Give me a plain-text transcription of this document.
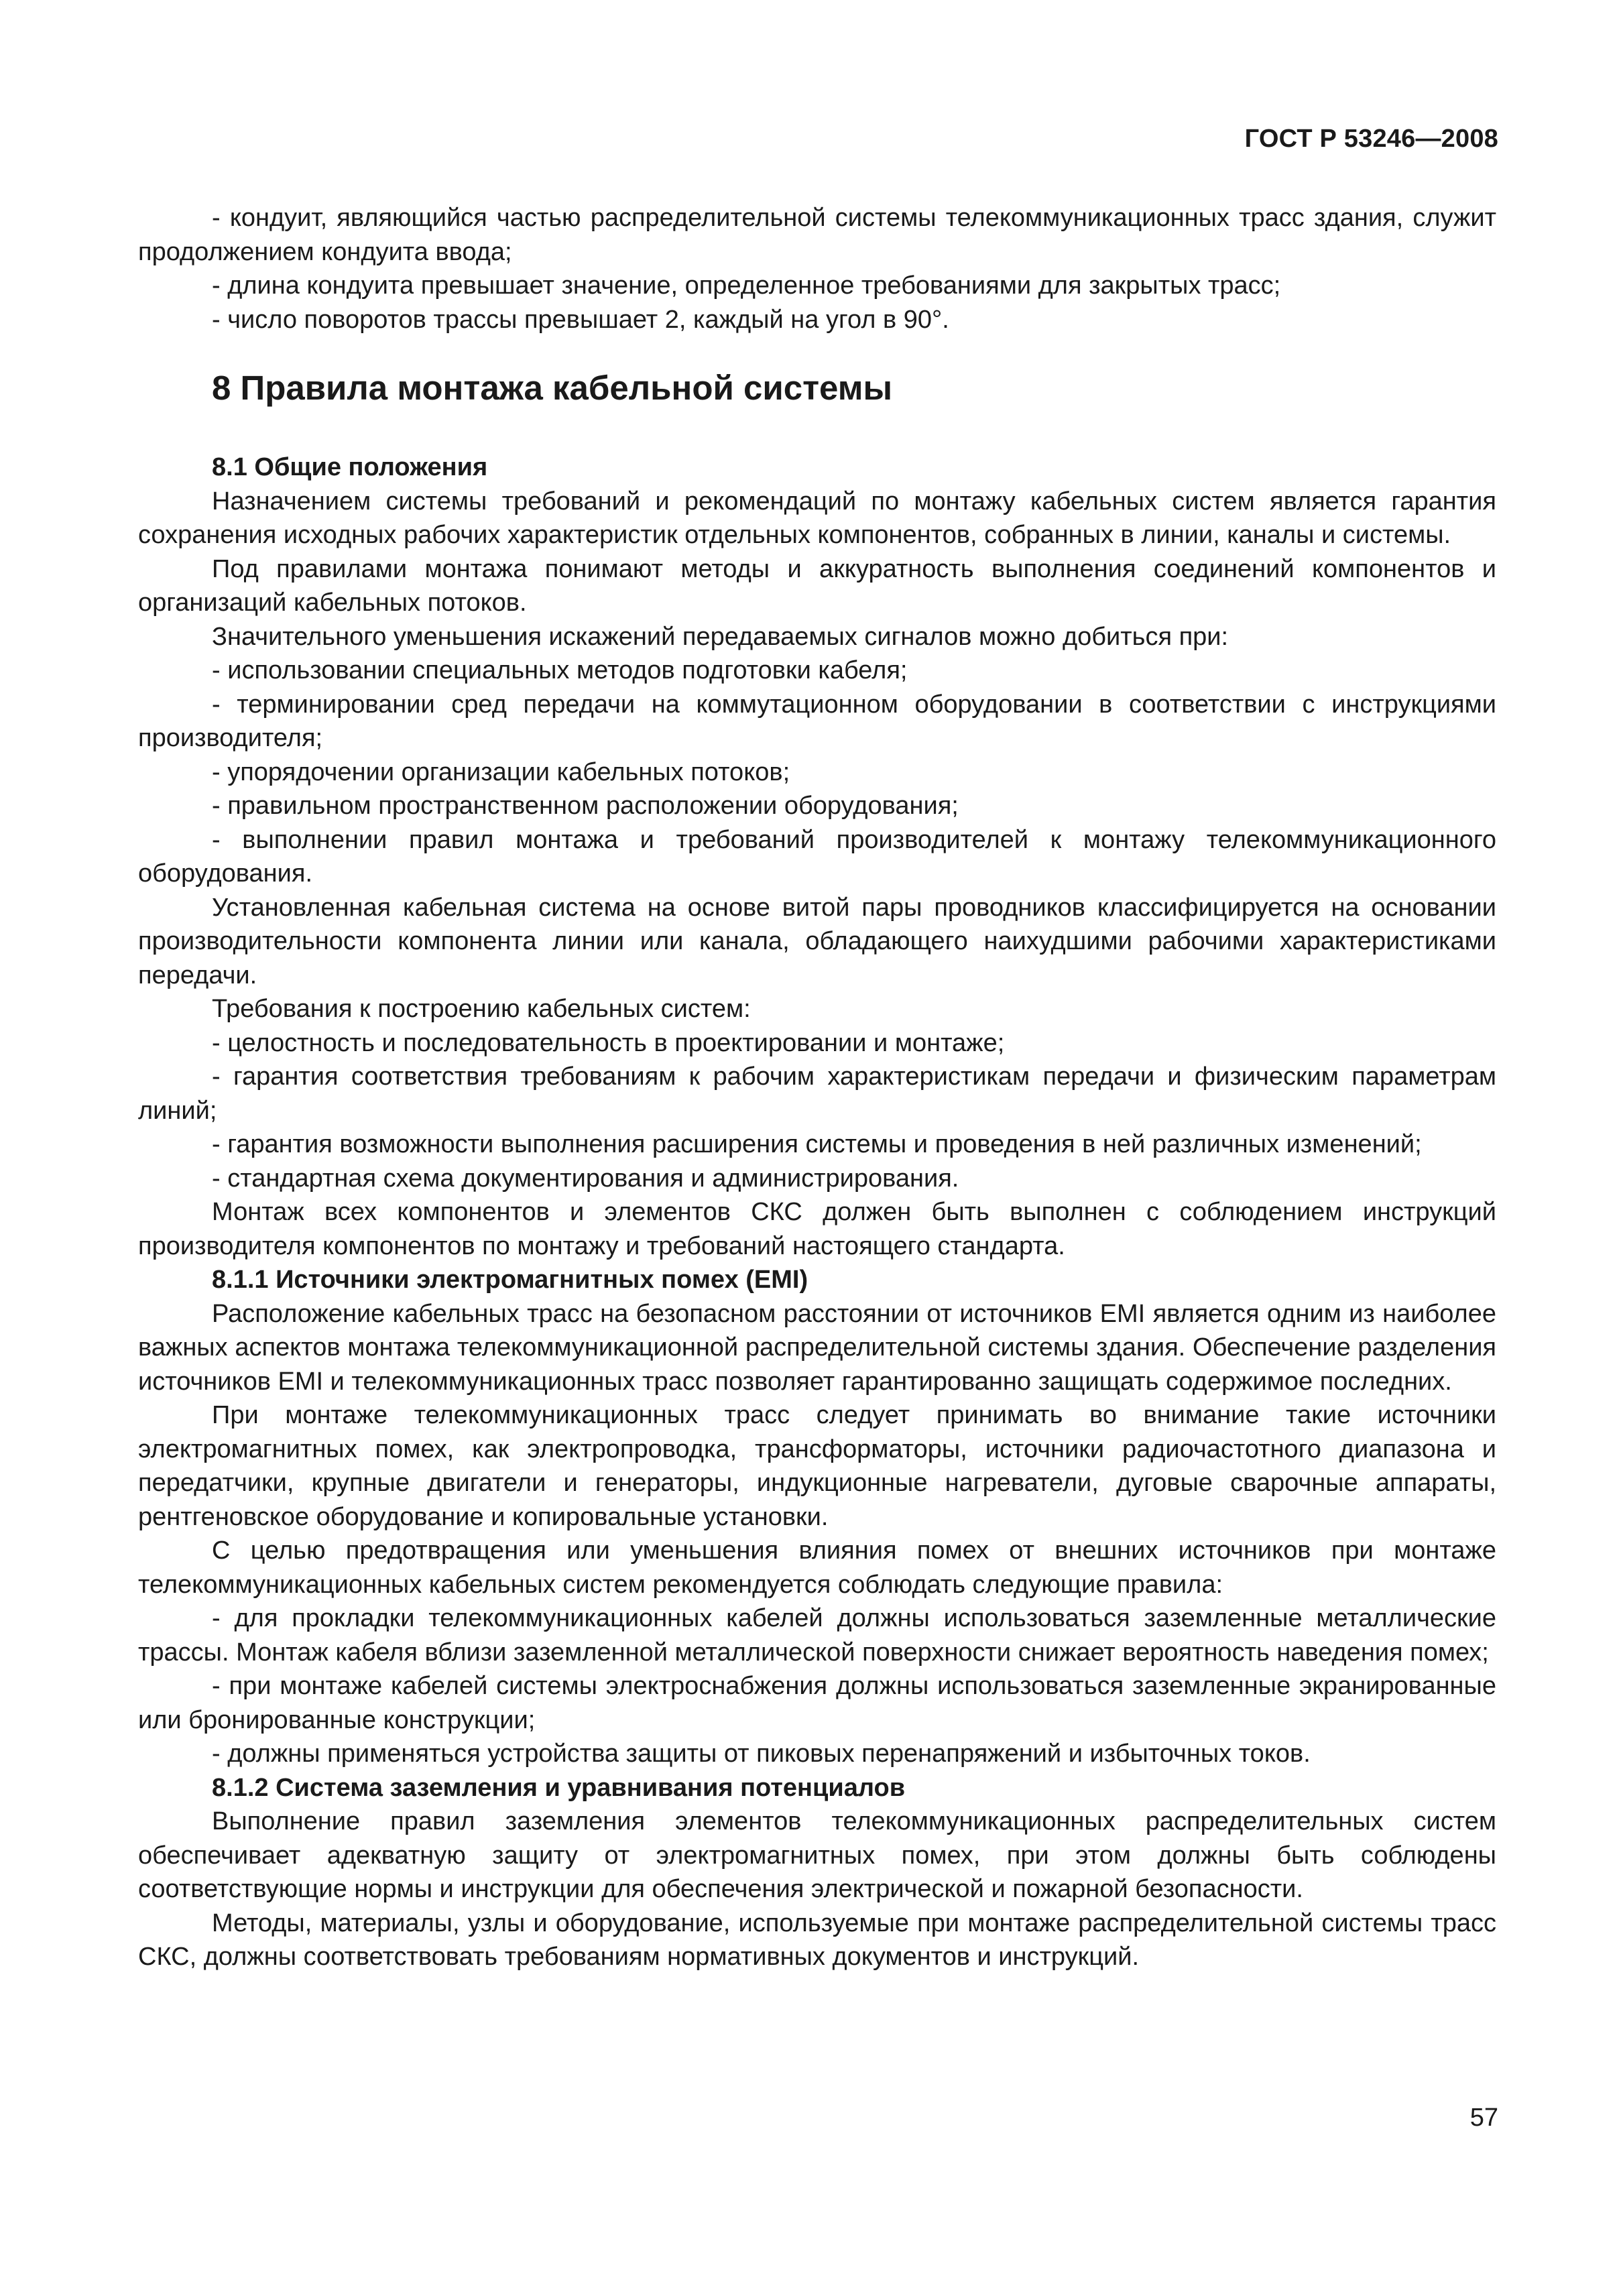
ГОСТ Р 53246—2008

- кондуит, являющийся частью распределительной системы телекоммуникационных трасс здания, служит продолжением кондуита ввода;

- длина кондуита превышает значение, определенное требованиями для закрытых трасс;

- число поворотов трассы превышает 2, каждый на угол в 90°.

8 Правила монтажа кабельной системы
8.1 Общие положения

Назначением системы требований и рекомендаций по монтажу кабельных систем является гарантия сохранения исходных рабочих характеристик отдельных компонентов, собранных в линии, каналы и системы.

Под правилами монтажа понимают методы и аккуратность выполнения соединений компонентов и организаций кабельных потоков.

Значительного уменьшения искажений передаваемых сигналов можно добиться при:

- использовании специальных методов подготовки кабеля;

- терминировании сред передачи на коммутационном оборудовании в соответствии с инструкциями производителя;

- упорядочении организации кабельных потоков;

- правильном пространственном расположении оборудования;

- выполнении правил монтажа и требований производителей к монтажу телекоммуникационного оборудования.

Установленная кабельная система на основе витой пары проводников классифицируется на основании производительности компонента линии или канала, обладающего наихудшими рабочими характеристиками передачи.

Требования к построению кабельных систем:

- целостность и последовательность в проектировании и монтаже;

- гарантия соответствия требованиям к рабочим характеристикам передачи и физическим параметрам линий;

- гарантия возможности выполнения расширения системы и проведения в ней различных изменений;

- стандартная схема документирования и администрирования.

Монтаж всех компонентов и элементов СКС должен быть выполнен с соблюдением инструкций производителя компонентов по монтажу и требований настоящего стандарта.

8.1.1 Источники электромагнитных помех (EMI)

Расположение кабельных трасс на безопасном расстоянии от источников EMI является одним из наиболее важных аспектов монтажа телекоммуникационной распределительной системы здания. Обеспечение разделения источников EMI и телекоммуникационных трасс позволяет гарантированно защищать содержимое последних.

При монтаже телекоммуникационных трасс следует принимать во внимание такие источники электромагнитных помех, как электропроводка, трансформаторы, источники радиочастотного диапазона и передатчики, крупные двигатели и генераторы, индукционные нагреватели, дуговые сварочные аппараты, рентгеновское оборудование и копировальные установки.

С целью предотвращения или уменьшения влияния помех от внешних источников при монтаже телекоммуникационных кабельных систем рекомендуется соблюдать следующие правила:

- для прокладки телекоммуникационных кабелей должны использоваться заземленные металлические трассы. Монтаж кабеля вблизи заземленной металлической поверхности снижает вероятность наведения помех;

- при монтаже кабелей системы электроснабжения должны использоваться заземленные экранированные или бронированные конструкции;

- должны применяться устройства защиты от пиковых перенапряжений и избыточных токов.

8.1.2 Система заземления и уравнивания потенциалов

Выполнение правил заземления элементов телекоммуникационных распределительных систем обеспечивает адекватную защиту от электромагнитных помех, при этом должны быть соблюдены соответствующие нормы и инструкции для обеспечения электрической и пожарной безопасности.

Методы, материалы, узлы и оборудование, используемые при монтаже распределительной системы трасс СКС, должны соответствовать требованиям нормативных документов и инструкций.

57
